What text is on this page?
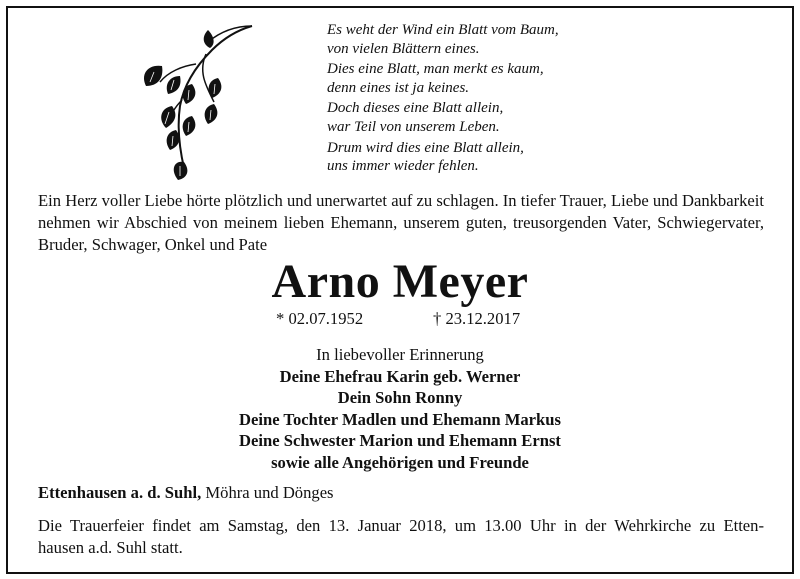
Es weht der Wind ein Blatt vom Baum,
von vielen Blättern eines.
Dies eine Blatt, man merkt es kaum,
denn eines ist ja keines.
Doch dieses eine Blatt allein,
war Teil von unserem Leben.
Drum wird dies eine Blatt allein,
uns immer wieder fehlen.
Ein Herz voller Liebe hörte plötzlich und unerwartet auf zu schlagen. In tiefer Trauer, Liebe und Dankbarkeit nehmen wir Abschied von meinem lieben Ehemann, unserem guten, treusorgenden Vater, Schwiegervater, Bruder, Schwager, Onkel und Pate
Arno Meyer
* 02.07.1952	† 23.12.2017
In liebevoller Erinnerung
Deine Ehefrau Karin geb. Werner
Dein Sohn Ronny
Deine Tochter Madlen und Ehemann Markus
Deine Schwester Marion und Ehemann Ernst
sowie alle Angehörigen und Freunde
Ettenhausen a. d. Suhl, Möhra und Dönges
Die Trauerfeier findet am Samstag, den 13. Januar 2018, um 13.00 Uhr in der Wehrkirche zu Etten-
hausen a.d. Suhl statt.
